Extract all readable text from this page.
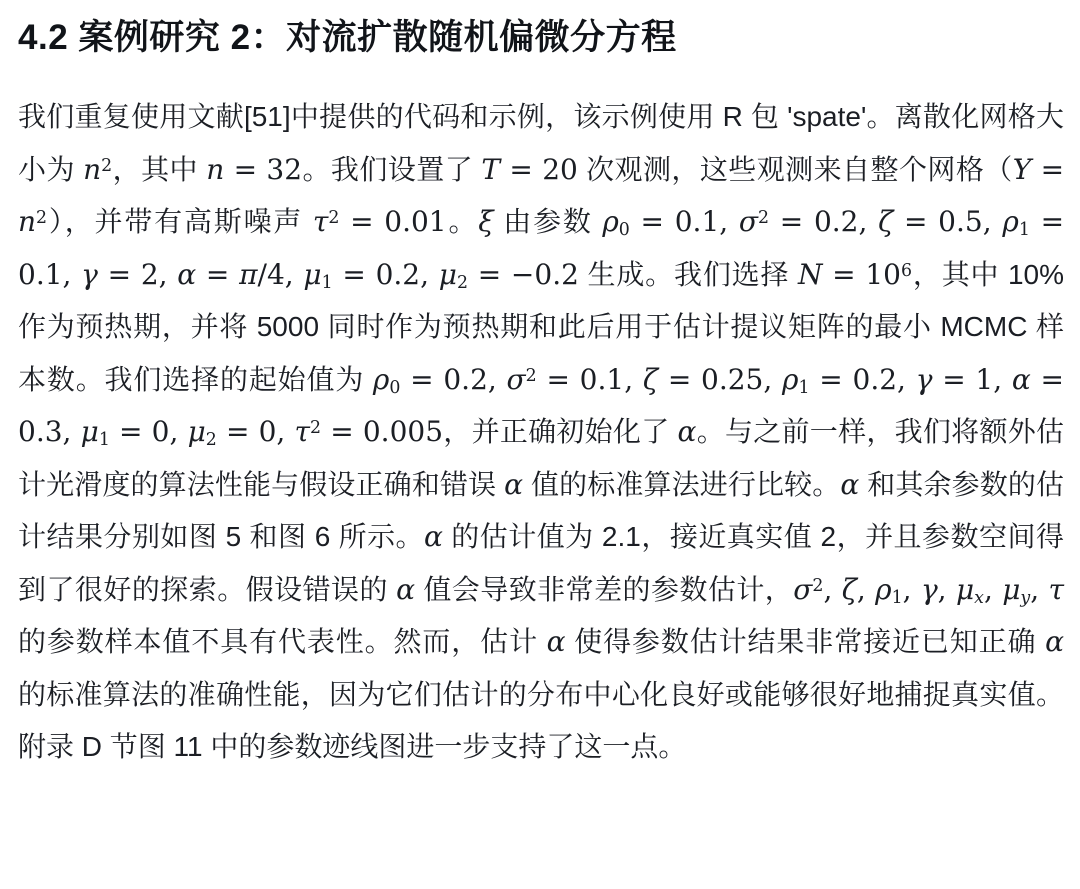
4.2 案例研究 2：对流扩散随机偏微分方程

我们重复使用文献[51]中提供的代码和示例，该示例使用 R 包 'spate'。离散化网格大小为 $n^2$，其中 n = 32。我们设置了 T = 20 次观测，这些观测来自整个网格$(\Upsilon = n^2)$，并带有高斯噪声 $\tau^2 = 0.01$。ξ 由参数 $\rho_0 = 0.1$, $\sigma^2 = 0.2$, ζ = 0.5, $\rho_1 = 0.1$, γ = 2, α = π/4, $\mu_1 = 0.2$, $\mu_2 = -0.2$ 生成。我们选择 $N = 10^6$，其中 10% 作为预热期，并将 5000 同时作为预热期和此后用于估计提议矩阵的最小 MCMC 样本数。我们选择的起始值为 $\rho_0 = 0.2$, $\sigma^2 = 0.1$, ζ = 0.25, $\rho_1 = 0.2$, γ = 1, α = 0.3, $\mu_1 = 0$, $\mu_2 = 0$, $\tau^2 = 0.005$，并正确初始化了 α。与之前一样，我们将额外估计光滑度的算法性能与假设正确和错误 α 值的标准算法进行比较。α 和其余参数的估计结果分别如图 5 和图 6 所示。α 的估计值为 2.1，接近真实值 2，并且参数空间得到了很好的探索。假设错误的 α 值会导致非常差的参数估计，$\sigma^2$, ζ, $\rho_1$, γ, $\mu_x$, $\mu_y$, τ 的参数样本值不具有代表性。然而，估计 α 使得参数估计结果非常接近已知正确 α 的标准算法的准确性能，因为它们估计的分布中心化良好或能够很好地捕捉真实值。附录 D 节图 11 中的参数迹线图进一步支持了这一点。
